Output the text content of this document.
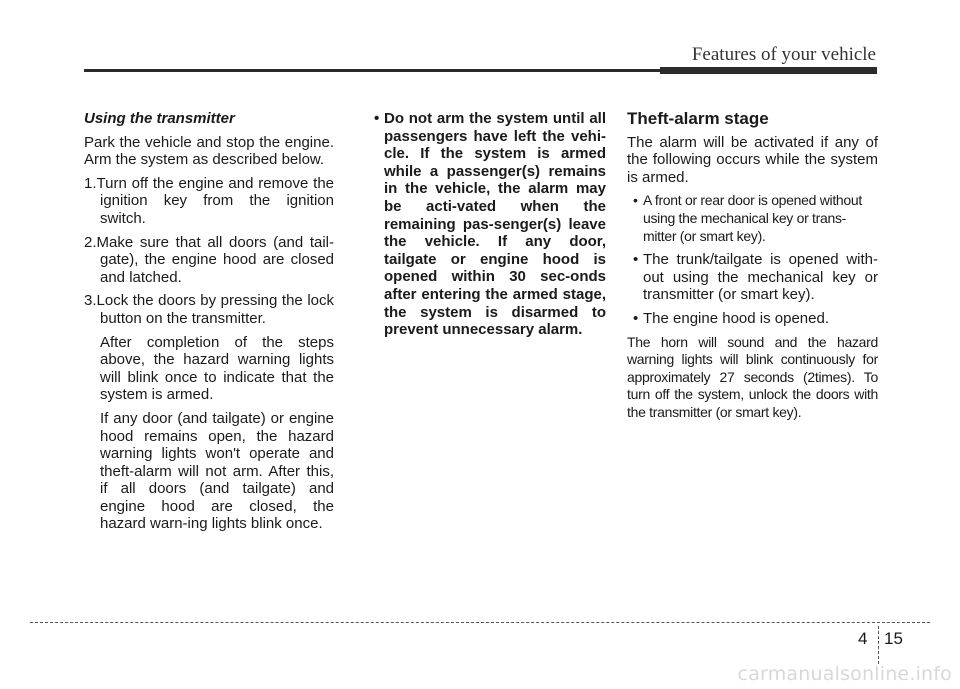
Features of your vehicle

Using the transmitter

Park the vehicle and stop the engine. Arm the system as described below.

1.Turn off the engine and remove the ignition key from the ignition switch.

2.Make sure that all doors (and tail-gate), the engine hood are closed and latched.

3.Lock the doors by pressing the lock button on the transmitter.

After completion of the steps above, the hazard warning lights will blink once to indicate that the system is armed.

If any door (and tailgate) or engine hood remains open, the hazard warning lights won't operate and theft-alarm will not arm. After this, if all doors (and tailgate) and engine hood are closed, the hazard warn-ing lights blink once.

• Do not arm the system until all passengers have left the vehi-cle. If the system is armed while a passenger(s) remains in the vehicle, the alarm may be acti-vated when the remaining pas-senger(s) leave the vehicle. If any door, tailgate or engine hood is opened within 30 sec-onds after entering the armed stage, the system is disarmed to prevent unnecessary alarm.

Theft-alarm stage

The alarm will be activated if any of the following occurs while the system is armed.

• A front or rear door is opened without using the mechanical key or trans-mitter (or smart key).

• The trunk/tailgate is opened with-out using the mechanical key or transmitter (or smart key).

• The engine hood is opened.

The horn will sound and the hazard warning lights will blink continuously for approximately 27 seconds (2times). To turn off the system, unlock the doors with the transmitter (or smart key).

4 15
carmanualsonline.info
